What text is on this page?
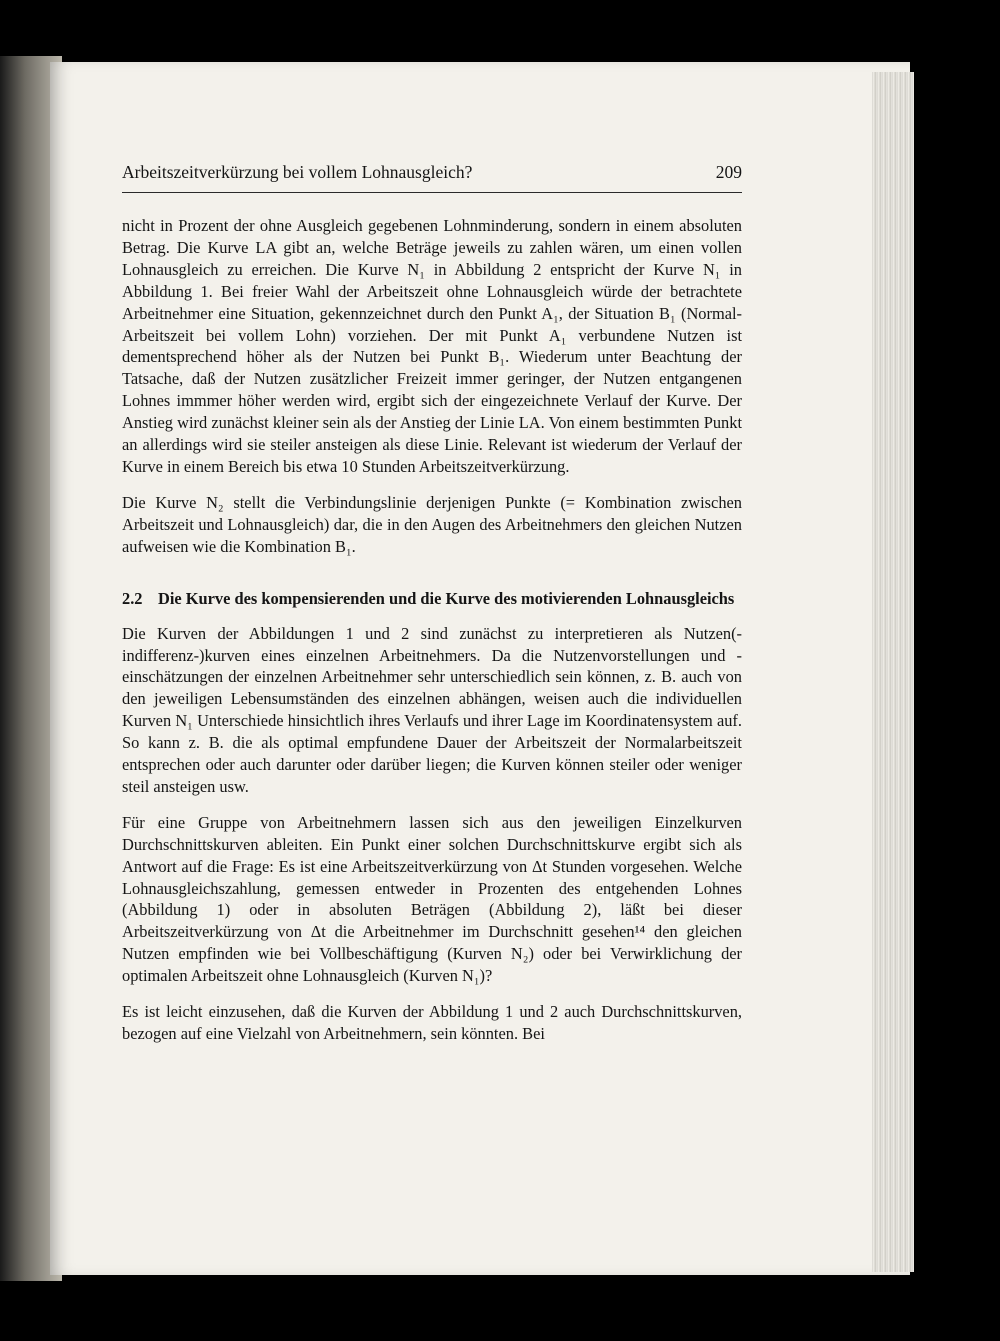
Arbeitszeitverkürzung bei vollem Lohnausgleich?	209

nicht in Prozent der ohne Ausgleich gegebenen Lohnminderung, sondern in einem absoluten Betrag. Die Kurve LA gibt an, welche Beträge jeweils zu zahlen wären, um einen vollen Lohnausgleich zu erreichen. Die Kurve N₁ in Abbildung 2 entspricht der Kurve N₁ in Abbildung 1. Bei freier Wahl der Arbeitszeit ohne Lohnausgleich würde der betrachtete Arbeitnehmer eine Situation, gekennzeichnet durch den Punkt A₁, der Situation B₁ (Normal-Arbeitszeit bei vollem Lohn) vorziehen. Der mit Punkt A₁ verbundene Nutzen ist dementsprechend höher als der Nutzen bei Punkt B₁. Wiederum unter Beachtung der Tatsache, daß der Nutzen zusätzlicher Freizeit immer geringer, der Nutzen entgangenen Lohnes immmer höher werden wird, ergibt sich der eingezeichnete Verlauf der Kurve. Der Anstieg wird zunächst kleiner sein als der Anstieg der Linie LA. Von einem bestimmten Punkt an allerdings wird sie steiler ansteigen als diese Linie. Relevant ist wiederum der Verlauf der Kurve in einem Bereich bis etwa 10 Stunden Arbeitszeitverkürzung.

Die Kurve N₂ stellt die Verbindungslinie derjenigen Punkte (= Kombination zwischen Arbeitszeit und Lohnausgleich) dar, die in den Augen des Arbeitnehmers den gleichen Nutzen aufweisen wie die Kombination B₁.

2.2 Die Kurve des kompensierenden und die Kurve des motivierenden Lohnausgleichs

Die Kurven der Abbildungen 1 und 2 sind zunächst zu interpretieren als Nutzen(-indifferenz-)kurven eines einzelnen Arbeitnehmers. Da die Nutzenvorstellungen und -einschätzungen der einzelnen Arbeitnehmer sehr unterschiedlich sein können, z. B. auch von den jeweiligen Lebensumständen des einzelnen abhängen, weisen auch die individuellen Kurven N₁ Unterschiede hinsichtlich ihres Verlaufs und ihrer Lage im Koordinatensystem auf. So kann z. B. die als optimal empfundene Dauer der Arbeitszeit der Normalarbeitszeit entsprechen oder auch darunter oder darüber liegen; die Kurven können steiler oder weniger steil ansteigen usw.

Für eine Gruppe von Arbeitnehmern lassen sich aus den jeweiligen Einzelkurven Durchschnittskurven ableiten. Ein Punkt einer solchen Durchschnittskurve ergibt sich als Antwort auf die Frage: Es ist eine Arbeitszeitverkürzung von Δt Stunden vorgesehen. Welche Lohnausgleichszahlung, gemessen entweder in Prozenten des entgehenden Lohnes (Abbildung 1) oder in absoluten Beträgen (Abbildung 2), läßt bei dieser Arbeitszeitverkürzung von Δt die Arbeitnehmer im Durchschnitt gesehen¹⁴ den gleichen Nutzen empfinden wie bei Vollbeschäftigung (Kurven N₂) oder bei Verwirklichung der optimalen Arbeitszeit ohne Lohnausgleich (Kurven N₁)?

Es ist leicht einzusehen, daß die Kurven der Abbildung 1 und 2 auch Durchschnittskurven, bezogen auf eine Vielzahl von Arbeitnehmern, sein könnten. Bei
